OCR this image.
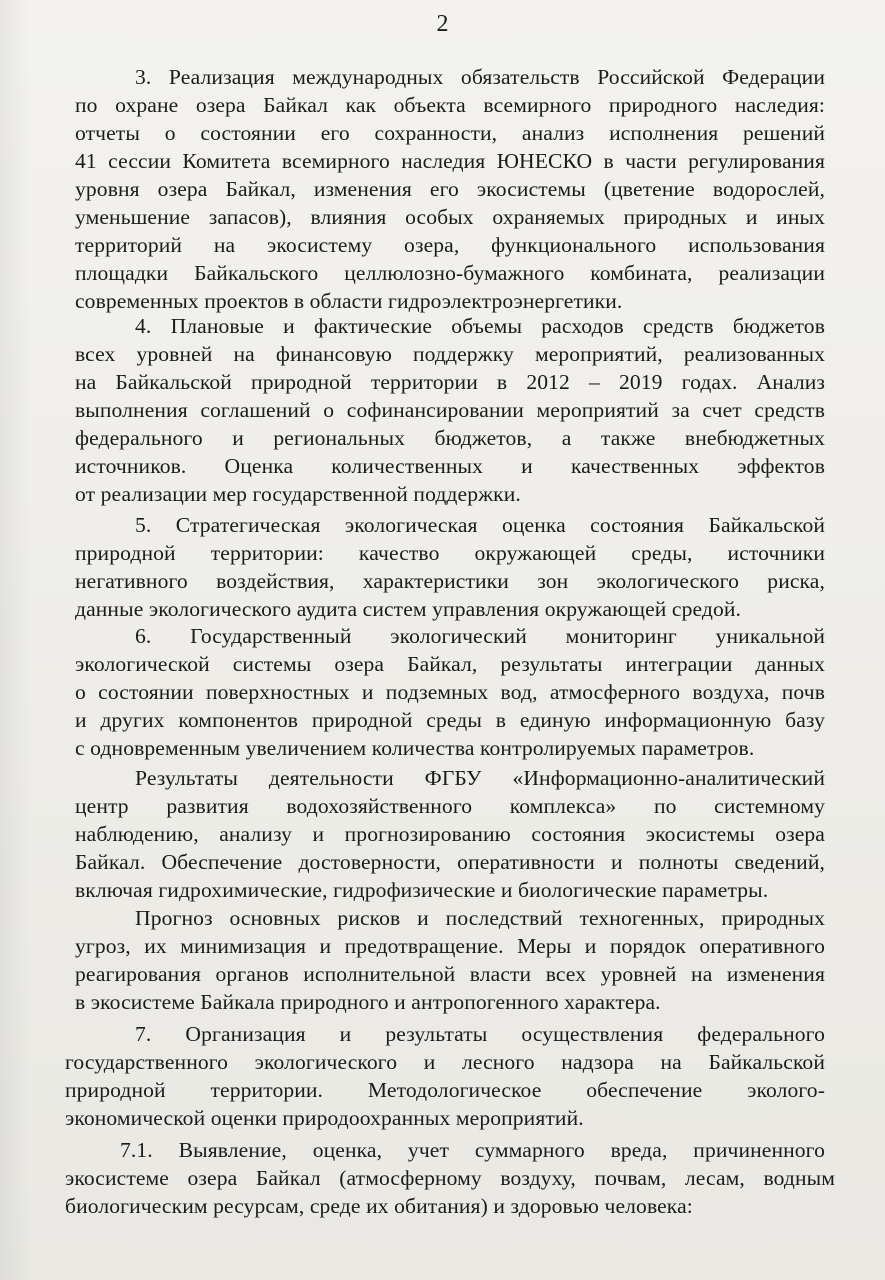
2
3. Реализация международных обязательств Российской Федерации
по охране озера Байкал как объекта всемирного природного наследия:
отчеты о состоянии его сохранности, анализ исполнения решений
41 сессии Комитета всемирного наследия ЮНЕСКО в части регулирования
уровня озера Байкал, изменения его экосистемы (цветение водорослей,
уменьшение запасов), влияния особых охраняемых природных и иных
территорий на экосистему озера, функционального использования
площадки Байкальского целлюлозно-бумажного комбината, реализации
современных проектов в области гидроэлектроэнергетики.
4. Плановые и фактические объемы расходов средств бюджетов
всех уровней на финансовую поддержку мероприятий, реализованных
на Байкальской природной территории в 2012 – 2019 годах. Анализ
выполнения соглашений о софинансировании мероприятий за счет средств
федерального и региональных бюджетов, а также внебюджетных
источников. Оценка количественных и качественных эффектов
от реализации мер государственной поддержки.
5. Стратегическая экологическая оценка состояния Байкальской
природной территории: качество окружающей среды, источники
негативного воздействия, характеристики зон экологического риска,
данные экологического аудита систем управления окружающей средой.
6. Государственный экологический мониторинг уникальной
экологической системы озера Байкал, результаты интеграции данных
о состоянии поверхностных и подземных вод, атмосферного воздуха, почв
и других компонентов природной среды в единую информационную базу
с одновременным увеличением количества контролируемых параметров.
Результаты деятельности ФГБУ «Информационно-аналитический
центр развития водохозяйственного комплекса» по системному
наблюдению, анализу и прогнозированию состояния экосистемы озера
Байкал. Обеспечение достоверности, оперативности и полноты сведений,
включая гидрохимические, гидрофизические и биологические параметры.
Прогноз основных рисков и последствий техногенных, природных
угроз, их минимизация и предотвращение. Меры и порядок оперативного
реагирования органов исполнительной власти всех уровней на изменения
в экосистеме Байкала природного и антропогенного характера.
7. Организация и результаты осуществления федерального
государственного экологического и лесного надзора на Байкальской
природной территории. Методологическое обеспечение эколого-
экономической оценки природоохранных мероприятий.
7.1. Выявление, оценка, учет суммарного вреда, причиненного
экосистеме озера Байкал (атмосферному воздуху, почвам, лесам, водным
биологическим ресурсам, среде их обитания) и здоровью человека:
